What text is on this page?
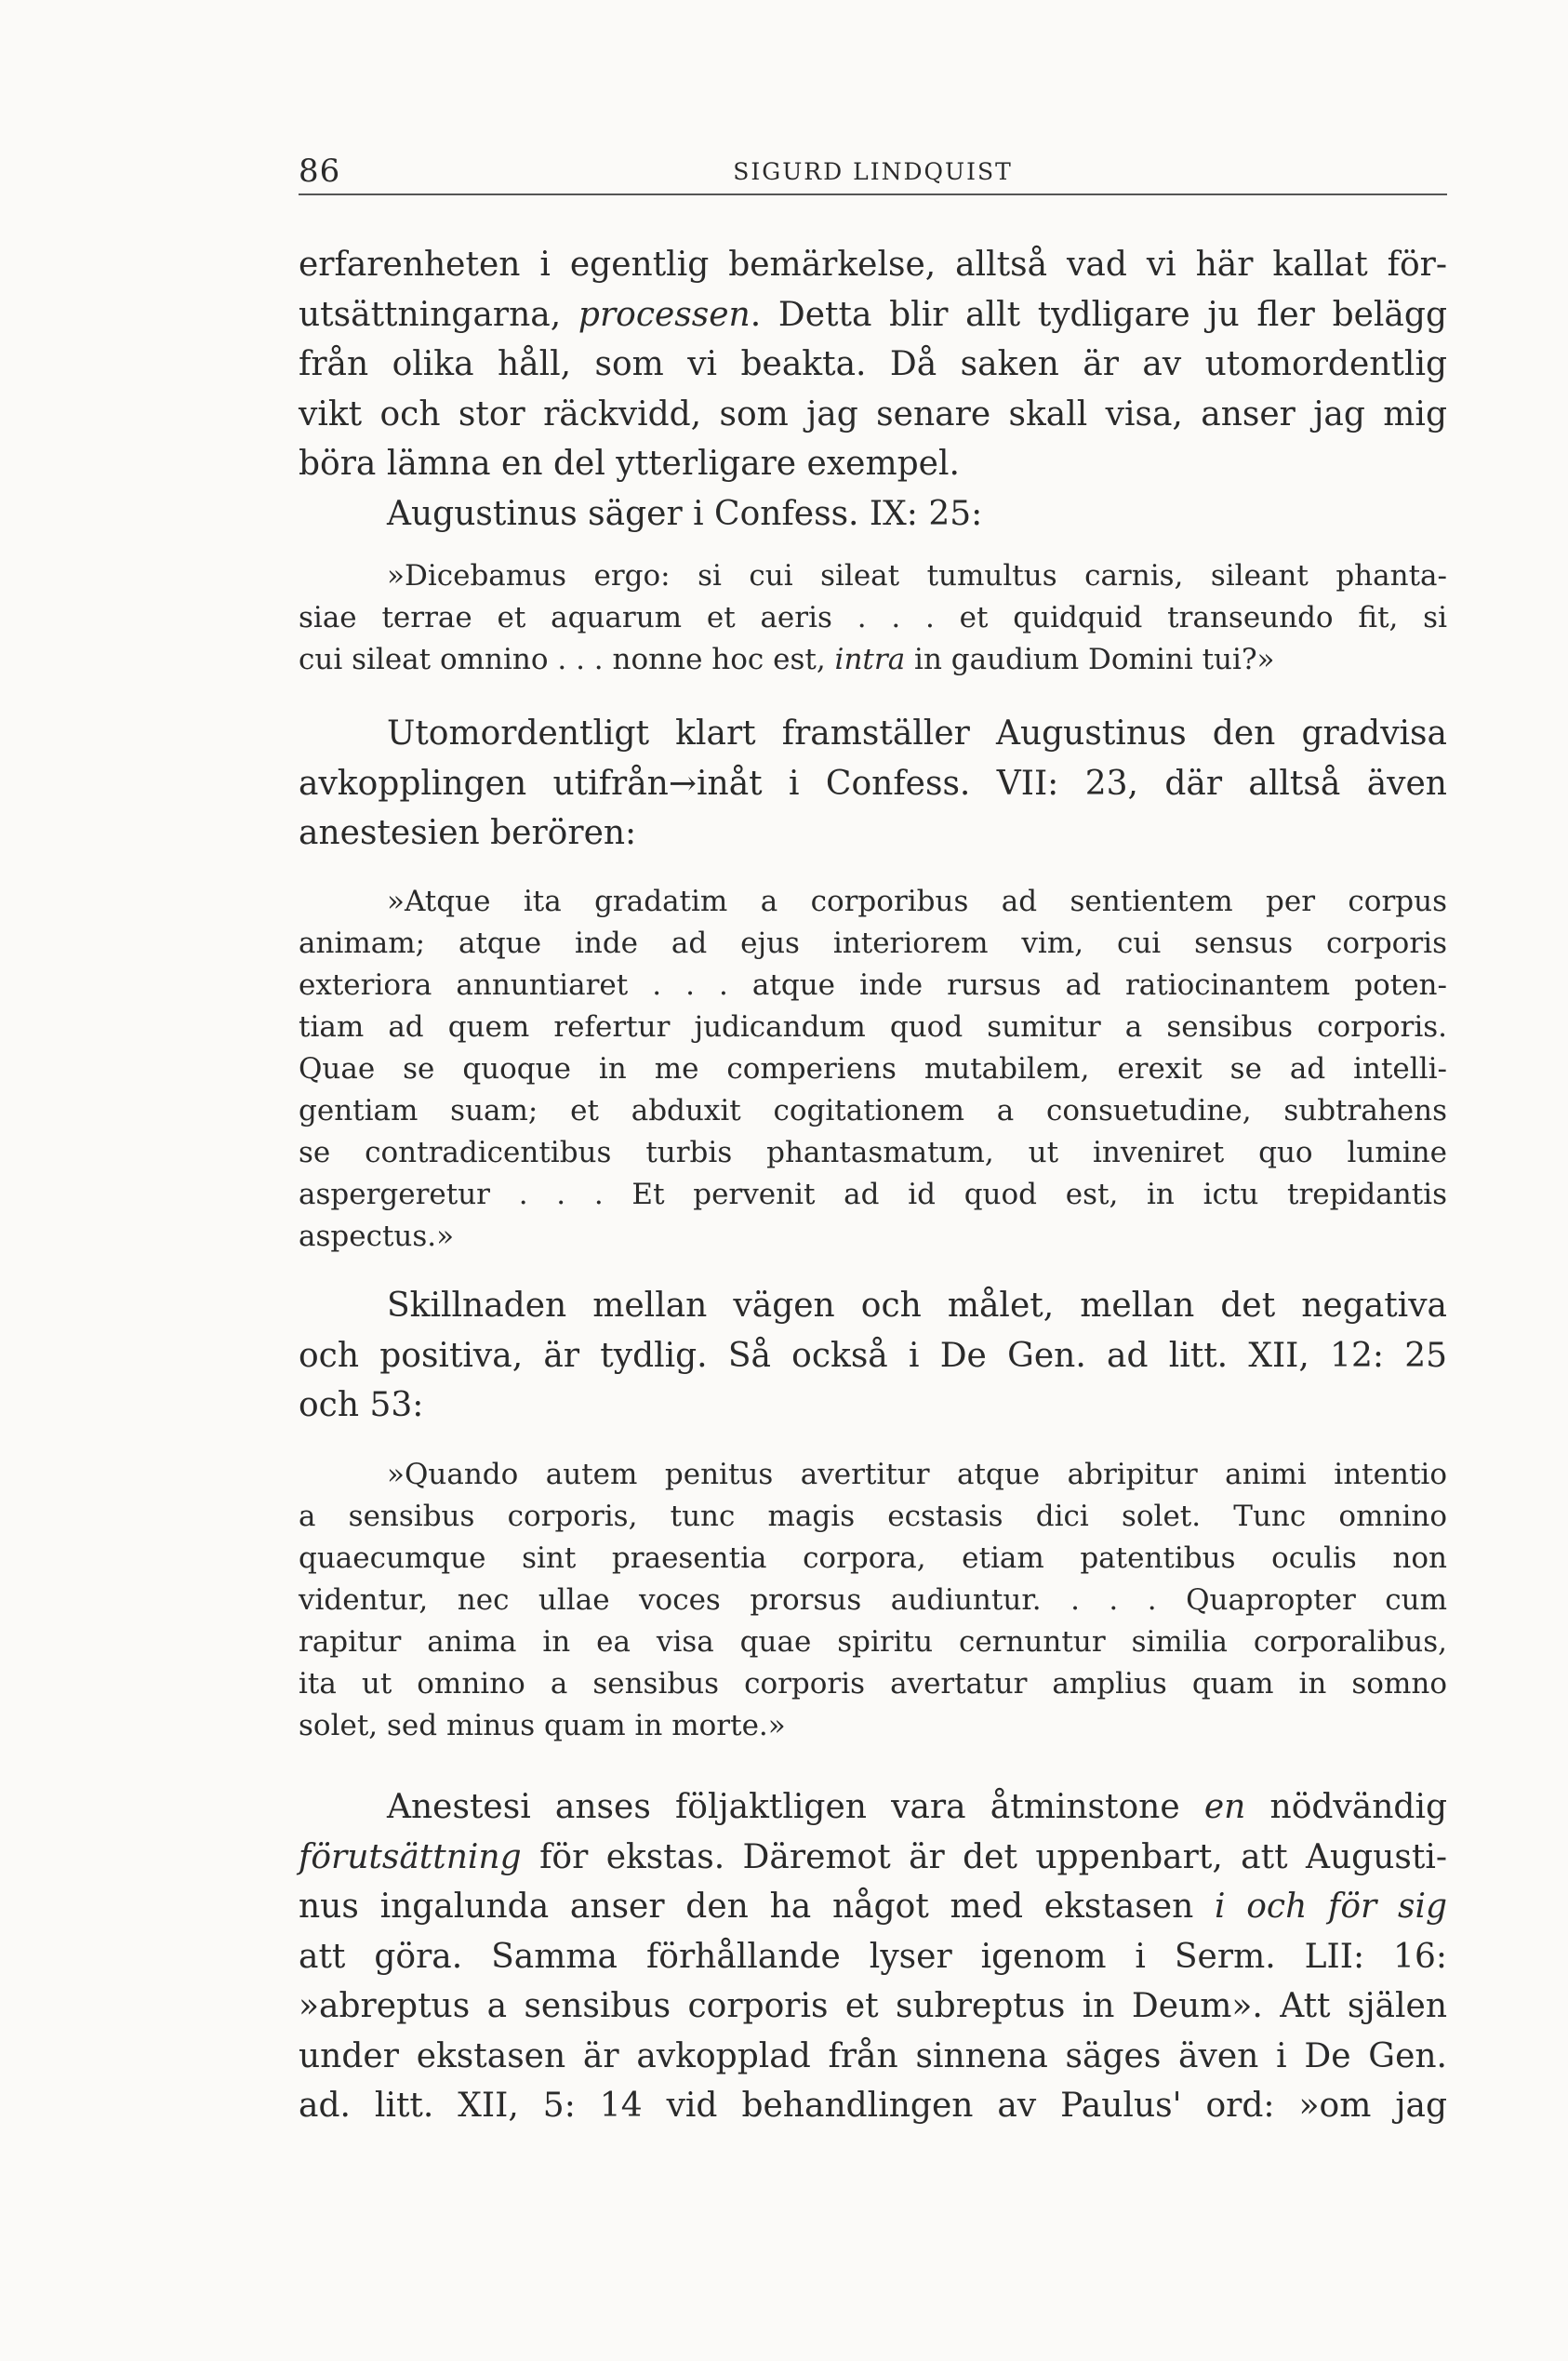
86	SIGURD LINDQUIST
erfarenheten i egentlig bemärkelse, alltså vad vi här kallat för-
utsättningarna, processen. Detta blir allt tydligare ju fler belägg
från olika håll, som vi beakta. Då saken är av utomordentlig
vikt och stor räckvidd, som jag senare skall visa, anser jag mig
böra lämna en del ytterligare exempel.
Augustinus säger i Confess. IX: 25:
»Dicebamus ergo: si cui sileat tumultus carnis, sileant phanta-
siae terrae et aquarum et aeris . . . et quidquid transeundo fit, si
cui sileat omnino . . . nonne hoc est, intra in gaudium Domini tui?»
Utomordentligt klart framställer Augustinus den gradvisa
avkopplingen utifrån→inåt i Confess. VII: 23, där alltså även
anestesien berören:
»Atque ita gradatim a corporibus ad sentientem per corpus
animam; atque inde ad ejus interiorem vim, cui sensus corporis
exteriora annuntiaret . . . atque inde rursus ad ratiocinantem poten-
tiam ad quem refertur judicandum quod sumitur a sensibus corporis.
Quae se quoque in me comperiens mutabilem, erexit se ad intelli-
gentiam suam; et abduxit cogitationem a consuetudine, subtrahens
se contradicentibus turbis phantasmatum, ut inveniret quo lumine
aspergeretur . . . Et pervenit ad id quod est, in ictu trepidantis
aspectus.»
Skillnaden mellan vägen och målet, mellan det negativa
och positiva, är tydlig. Så också i De Gen. ad litt. XII, 12: 25
och 53:
»Quando autem penitus avertitur atque abripitur animi intentio
a sensibus corporis, tunc magis ecstasis dici solet. Tunc omnino
quaecumque sint praesentia corpora, etiam patentibus oculis non
videntur, nec ullae voces prorsus audiuntur. . . . Quapropter cum
rapitur anima in ea visa quae spiritu cernuntur similia corporalibus,
ita ut omnino a sensibus corporis avertatur amplius quam in somno
solet, sed minus quam in morte.»
Anestesi anses följaktligen vara åtminstone en nödvändig
förutsättning för ekstas. Däremot är det uppenbart, att Augusti-
nus ingalunda anser den ha något med ekstasen i och för sig
att göra. Samma förhållande lyser igenom i Serm. LII: 16:
»abreptus a sensibus corporis et subreptus in Deum». Att själen
under ekstasen är avkopplad från sinnena säges även i De Gen.
ad. litt. XII, 5: 14 vid behandlingen av Paulus' ord: »om jag
